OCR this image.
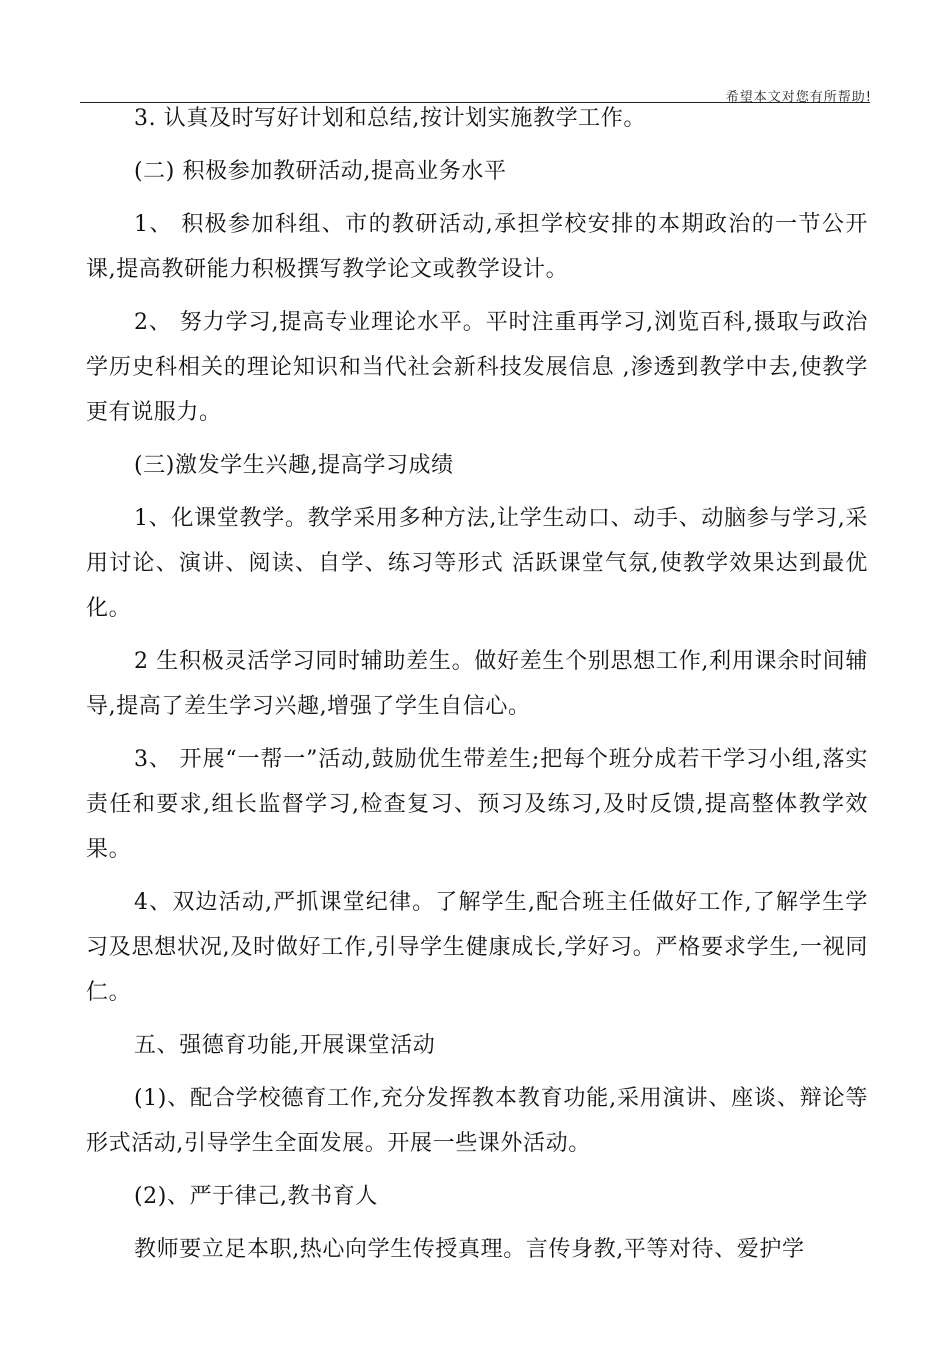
希望本文对您有所帮助!

3. 认真及时写好计划和总结,按计划实施教学工作。

(二) 积极参加教研活动,提高业务水平

1、 积极参加科组、市的教研活动,承担学校安排的本期政治的一节公开课,提高教研能力积极撰写教学论文或教学设计。

2、 努力学习,提高专业理论水平。平时注重再学习,浏览百科,摄取与政治学历史科相关的理论知识和当代社会新科技发展信息 ,渗透到教学中去,使教学更有说服力。

(三)激发学生兴趣,提高学习成绩

1、化课堂教学。教学采用多种方法,让学生动口、动手、动脑参与学习,采用讨论、演讲、阅读、自学、练习等形式 活跃课堂气氛,使教学效果达到最优化。

2 生积极灵活学习同时辅助差生。做好差生个别思想工作,利用课余时间辅导,提高了差生学习兴趣,增强了学生自信心。

3、 开展“一帮一”活动,鼓励优生带差生;把每个班分成若干学习小组,落实责任和要求,组长监督学习,检查复习、预习及练习,及时反馈,提高整体教学效果。

4、双边活动,严抓课堂纪律。了解学生,配合班主任做好工作,了解学生学习及思想状况,及时做好工作,引导学生健康成长,学好习。严格要求学生,一视同仁。

五、强德育功能,开展课堂活动

(1)、配合学校德育工作,充分发挥教本教育功能,采用演讲、座谈、辩论等形式活动,引导学生全面发展。开展一些课外活动。

(2)、严于律己,教书育人

教师要立足本职,热心向学生传授真理。言传身教,平等对待、爱护学
